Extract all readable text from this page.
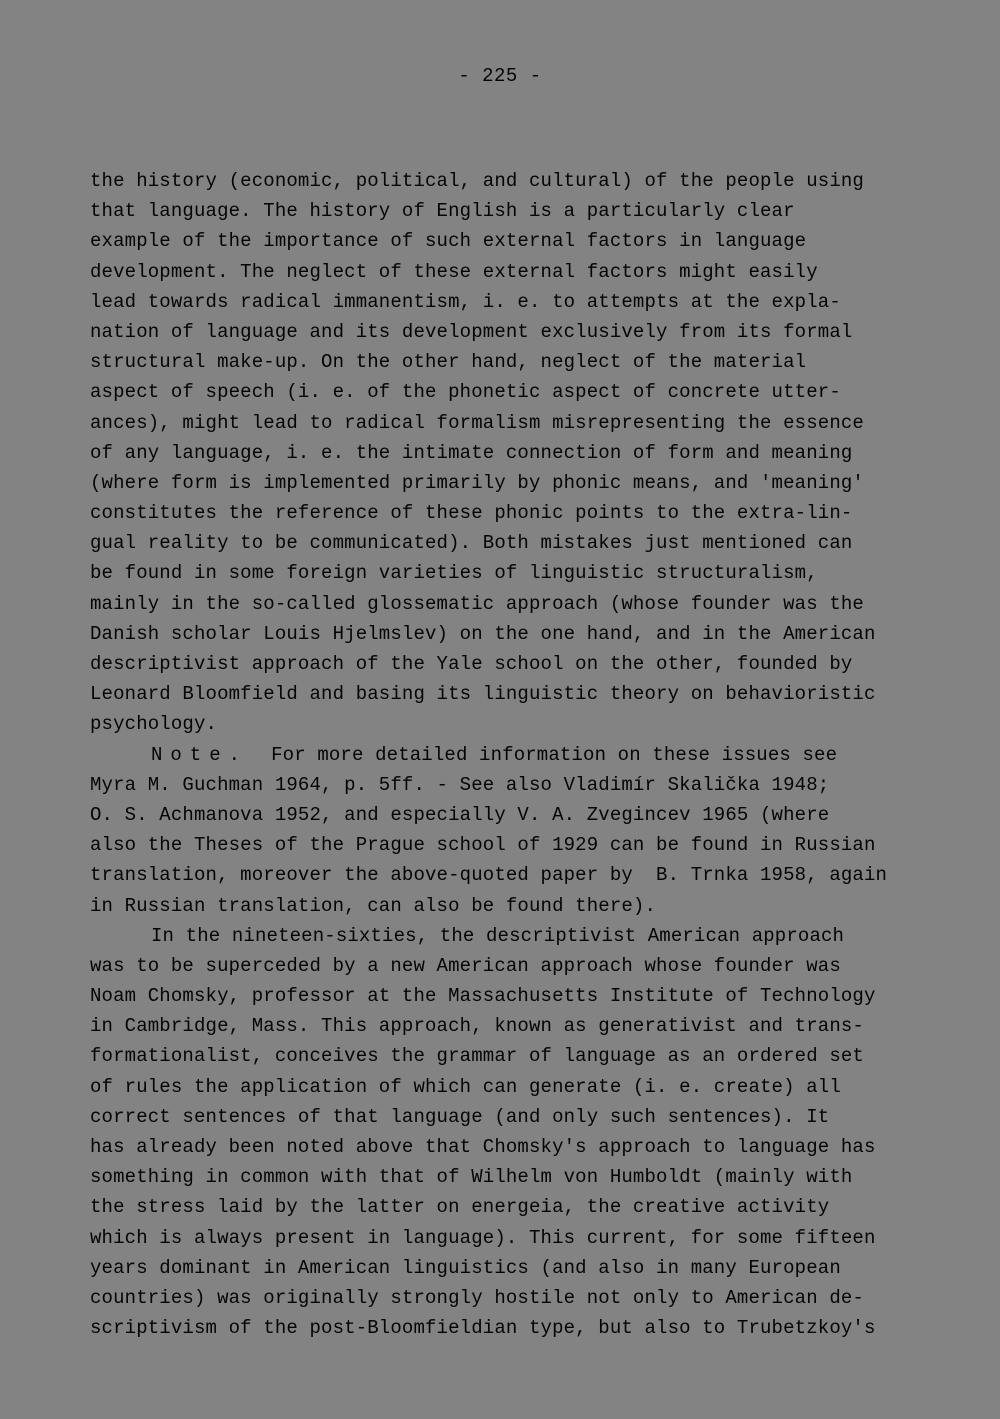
- 225 -
the history (economic, political, and cultural) of the people using
that language. The history of English is a particularly clear
example of the importance of such external factors in language
development. The neglect of these external factors might easily
lead towards radical immanentism, i. e. to attempts at the expla-
nation of language and its development exclusively from its formal
structural make-up. On the other hand, neglect of the material
aspect of speech (i. e. of the phonetic aspect of concrete utter-
ances), might lead to radical formalism misrepresenting the essence
of any language, i. e. the intimate connection of form and meaning
(where form is implemented primarily by phonic means, and 'meaning'
constitutes the reference of these phonic points to the extra-lin-
gual reality to be communicated). Both mistakes just mentioned can
be found in some foreign varieties of linguistic structuralism,
mainly in the so-called glossematic approach (whose founder was the
Danish scholar Louis Hjelmslev) on the one hand, and in the American
descriptivist approach of the Yale school on the other, founded by
Leonard Bloomfield and basing its linguistic theory on behavioristic
psychology.
Note.  For more detailed information on these issues see
Myra M. Guchman 1964, p. 5ff. - See also Vladimír Skalička 1948;
O. S. Achmanova 1952, and especially V. A. Zvegincev 1965 (where
also the Theses of the Prague school of 1929 can be found in Russian
translation, moreover the above-quoted paper by  B. Trnka 1958, again
in Russian translation, can also be found there).
In the nineteen-sixties, the descriptivist American approach
was to be superceded by a new American approach whose founder was
Noam Chomsky, professor at the Massachusetts Institute of Technology
in Cambridge, Mass. This approach, known as generativist and trans-
formationalist, conceives the grammar of language as an ordered set
of rules the application of which can generate (i. e. create) all
correct sentences of that language (and only such sentences). It
has already been noted above that Chomsky's approach to language has
something in common with that of Wilhelm von Humboldt (mainly with
the stress laid by the latter on energeia, the creative activity
which is always present in language). This current, for some fifteen
years dominant in American linguistics (and also in many European
countries) was originally strongly hostile not only to American de-
scriptivism of the post-Bloomfieldian type, but also to Trubetzkoy's
